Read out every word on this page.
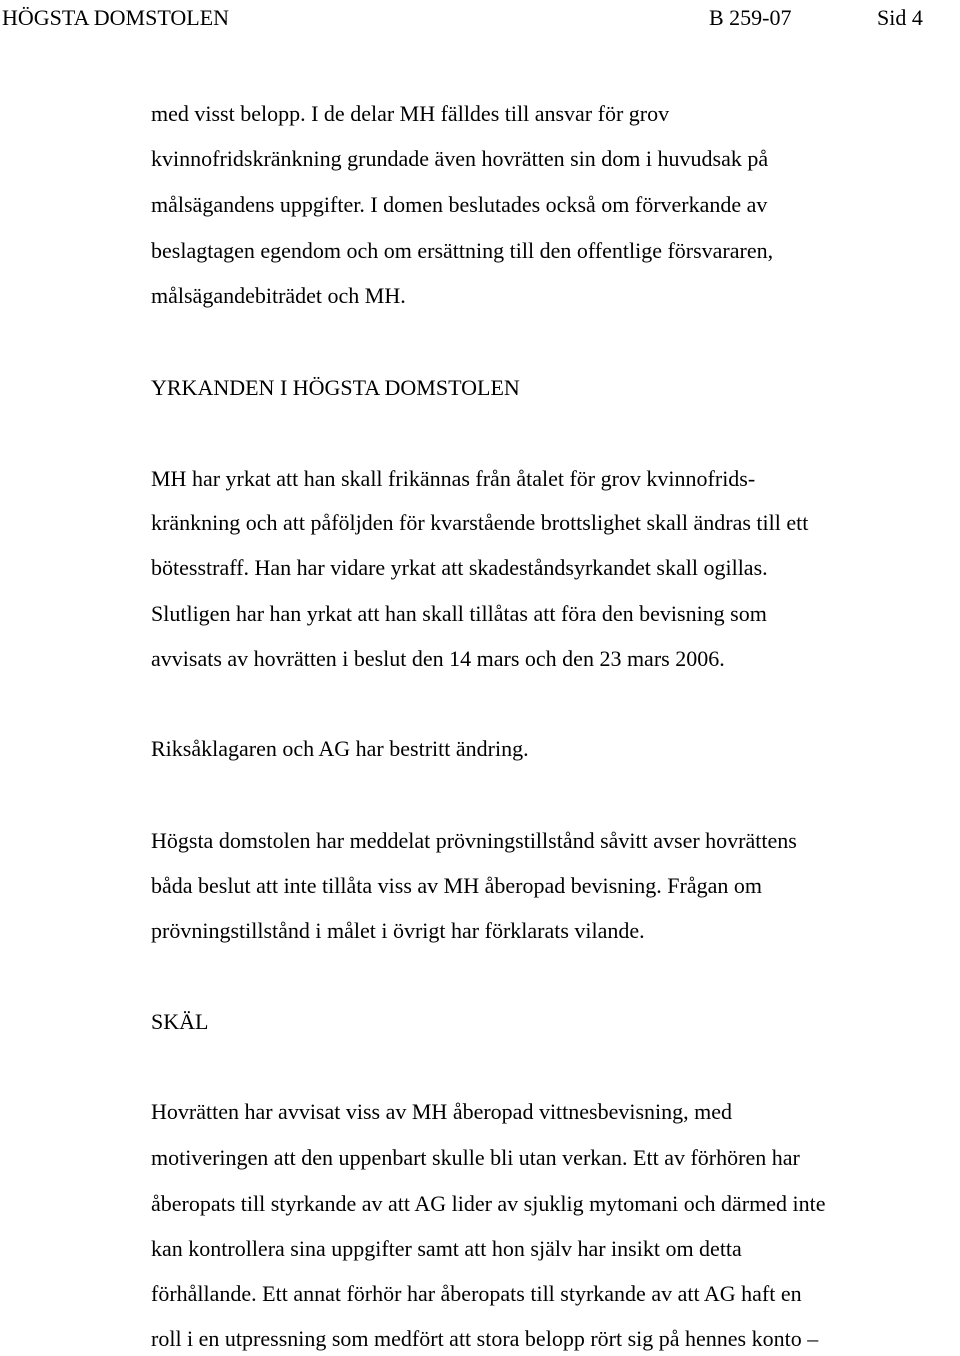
HÖGSTA DOMSTOLEN	B 259-07	Sid 4
med visst belopp. I de delar MH fälldes till ansvar för grov
kvinnofridskränkning grundade även hovrätten sin dom i huvudsak på
målsägandens uppgifter. I domen beslutades också om förverkande av
beslagtagen egendom och om ersättning till den offentlige försvararen,
målsägandebiträdet och MH.
YRKANDEN I HÖGSTA DOMSTOLEN
MH har yrkat att han skall frikännas från åtalet för grov kvinnofrids-
kränkning och att påföljden för kvarstående brottslighet skall ändras till ett
bötesstraff. Han har vidare yrkat att skadeståndsyrkandet skall ogillas.
Slutligen har han yrkat att han skall tillåtas att föra den bevisning som
avvisats av hovrätten i beslut den 14 mars och den 23 mars 2006.
Riksåklagaren och AG har bestritt ändring.
Högsta domstolen har meddelat prövningstillstånd såvitt avser hovrättens
båda beslut att inte tillåta viss av MH åberopad bevisning. Frågan om
prövningstillstånd i målet i övrigt har förklarats vilande.
SKÄL
Hovrätten har avvisat viss av MH åberopad vittnesbevisning, med
motiveringen att den uppenbart skulle bli utan verkan. Ett av förhören har
åberopats till styrkande av att AG lider av sjuklig mytomani och därmed inte
kan kontrollera sina uppgifter samt att hon själv har insikt om detta
förhållande. Ett annat förhör har åberopats till styrkande av att AG haft en
roll i en utpressning som medfört att stora belopp rört sig på hennes konto –
